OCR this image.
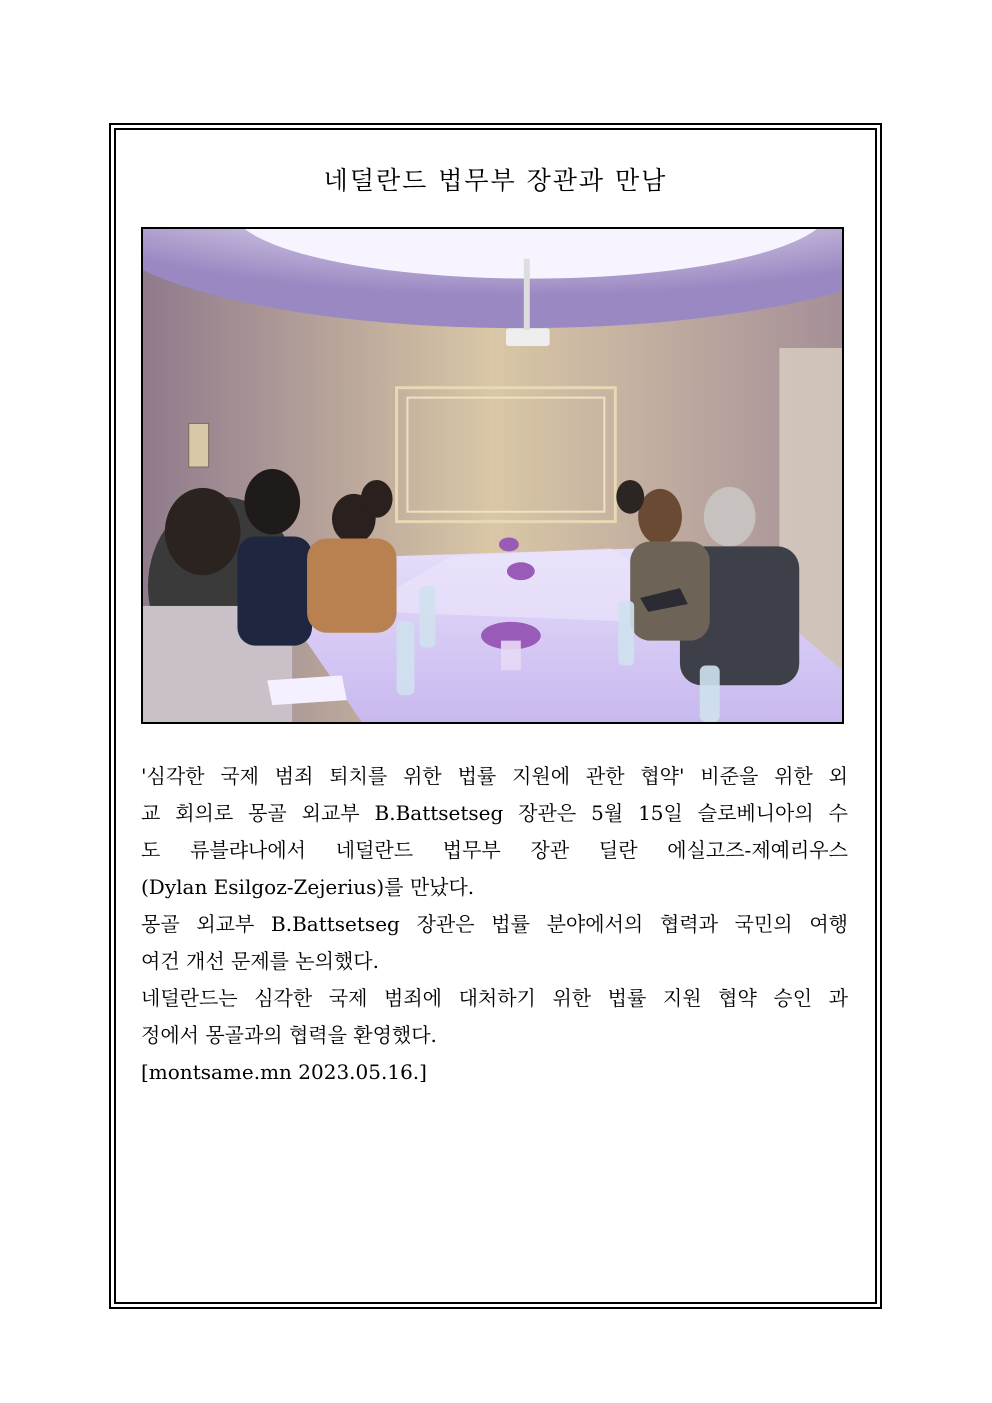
네덜란드 법무부 장관과 만남
'심각한 국제 범죄 퇴치를 위한 법률 지원에 관한 협약' 비준을 위한 외
교 회의로 몽골 외교부 B.Battsetseg 장관은 5월 15일 슬로베니아의 수
도 류블랴나에서 네덜란드 법무부 장관 딜란 에실고즈-제예리우스
(Dylan Esilgoz-Zejerius)를 만났다.
몽골 외교부 B.Battsetseg 장관은 법률 분야에서의 협력과 국민의 여행
여건 개선 문제를 논의했다.
네덜란드는 심각한 국제 범죄에 대처하기 위한 법률 지원 협약 승인 과
정에서 몽골과의 협력을 환영했다.
[montsame.mn 2023.05.16.]
